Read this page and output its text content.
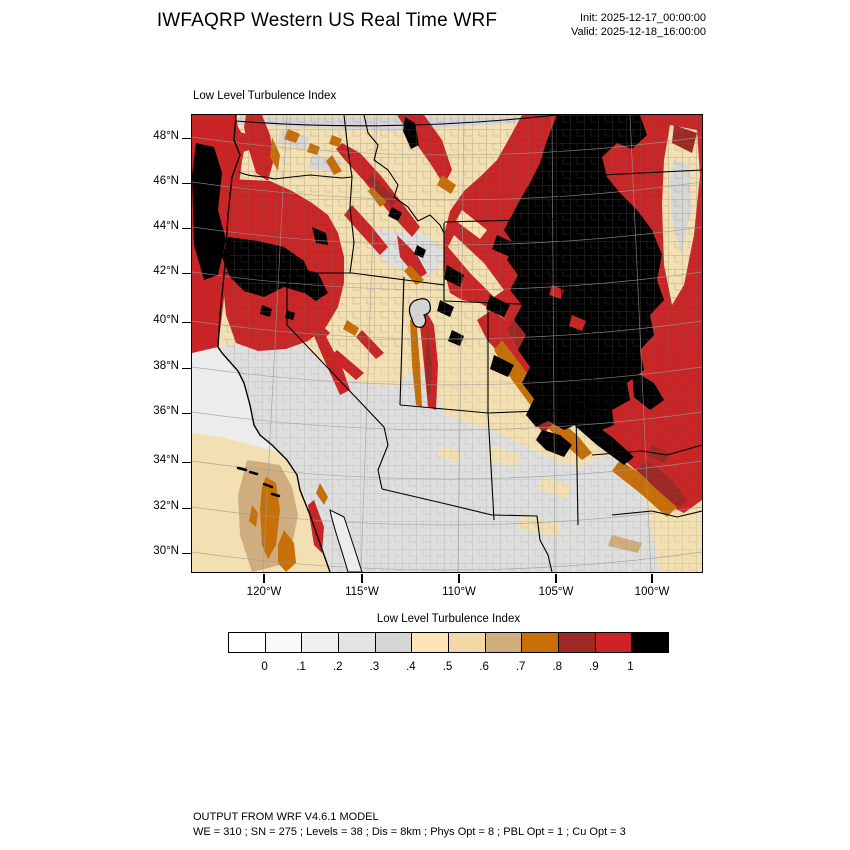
IWFAQRP Western US Real Time WRF	Init: 2025-12-17_00:00:00
Valid: 2025-12-18_16:00:00
Low Level Turbulence Index
48°N
46°N
44°N
42°N
40°N
38°N
36°N
34°N
32°N
30°N
120°W	115°W	110°W	105°W	100°W
Low Level Turbulence Index
0	.1	.2	.3	.4	.5	.6	.7	.8	.9	1
OUTPUT FROM WRF V4.6.1 MODEL
WE = 310 ; SN = 275 ; Levels = 38 ; Dis = 8km ; Phys Opt = 8 ; PBL Opt = 1 ; Cu Opt = 3
